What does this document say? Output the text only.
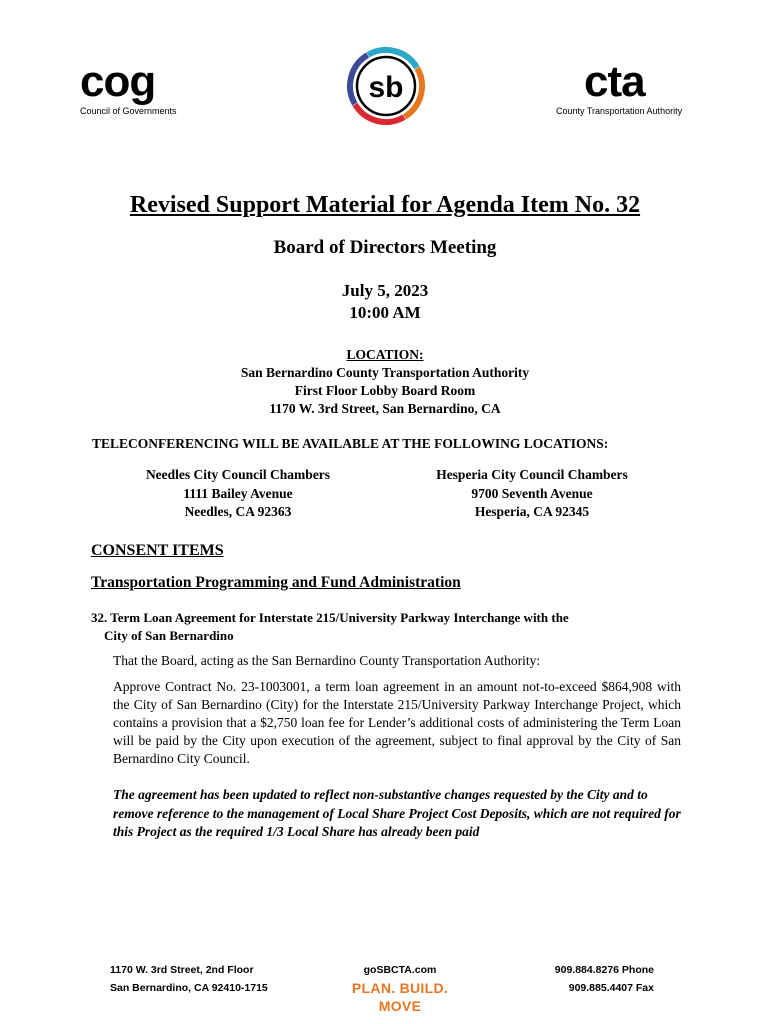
cog
Council of Governments
sb	cta
County Transportation Authority
Revised Support Material for Agenda Item No. 32
Board of Directors Meeting
July 5, 2023
10:00 AM
LOCATION:
San Bernardino County Transportation Authority
First Floor Lobby Board Room
1170 W. 3rd Street, San Bernardino, CA
TELECONFERENCING WILL BE AVAILABLE AT THE FOLLOWING LOCATIONS:
Needles City Council Chambers
1111 Bailey Avenue
Needles, CA 92363
Hesperia City Council Chambers
9700 Seventh Avenue
Hesperia, CA 92345
CONSENT ITEMS
Transportation Programming and Fund Administration
32. Term Loan Agreement for Interstate 215/University Parkway Interchange with the
City of San Bernardino
That the Board, acting as the San Bernardino County Transportation Authority:
Approve Contract No. 23-1003001, a term loan agreement in an amount not-to-exceed $864,908 with the City of San Bernardino (City) for the Interstate 215/University Parkway Interchange Project, which contains a provision that a $2,750 loan fee for Lender’s additional costs of administering the Term Loan will be paid by the City upon execution of the agreement, subject to final approval by the City of San Bernardino City Council.
The agreement has been updated to reflect non-substantive changes requested by the City and to remove reference to the management of Local Share Project Cost Deposits, which are not required for this Project as the required 1/3 Local Share has already been paid
1170 W. 3rd Street, 2nd Floor
San Bernardino, CA 92410-1715
goSBCTA.com
PLAN. BUILD. MOVE
909.884.8276 Phone
909.885.4407 Fax
